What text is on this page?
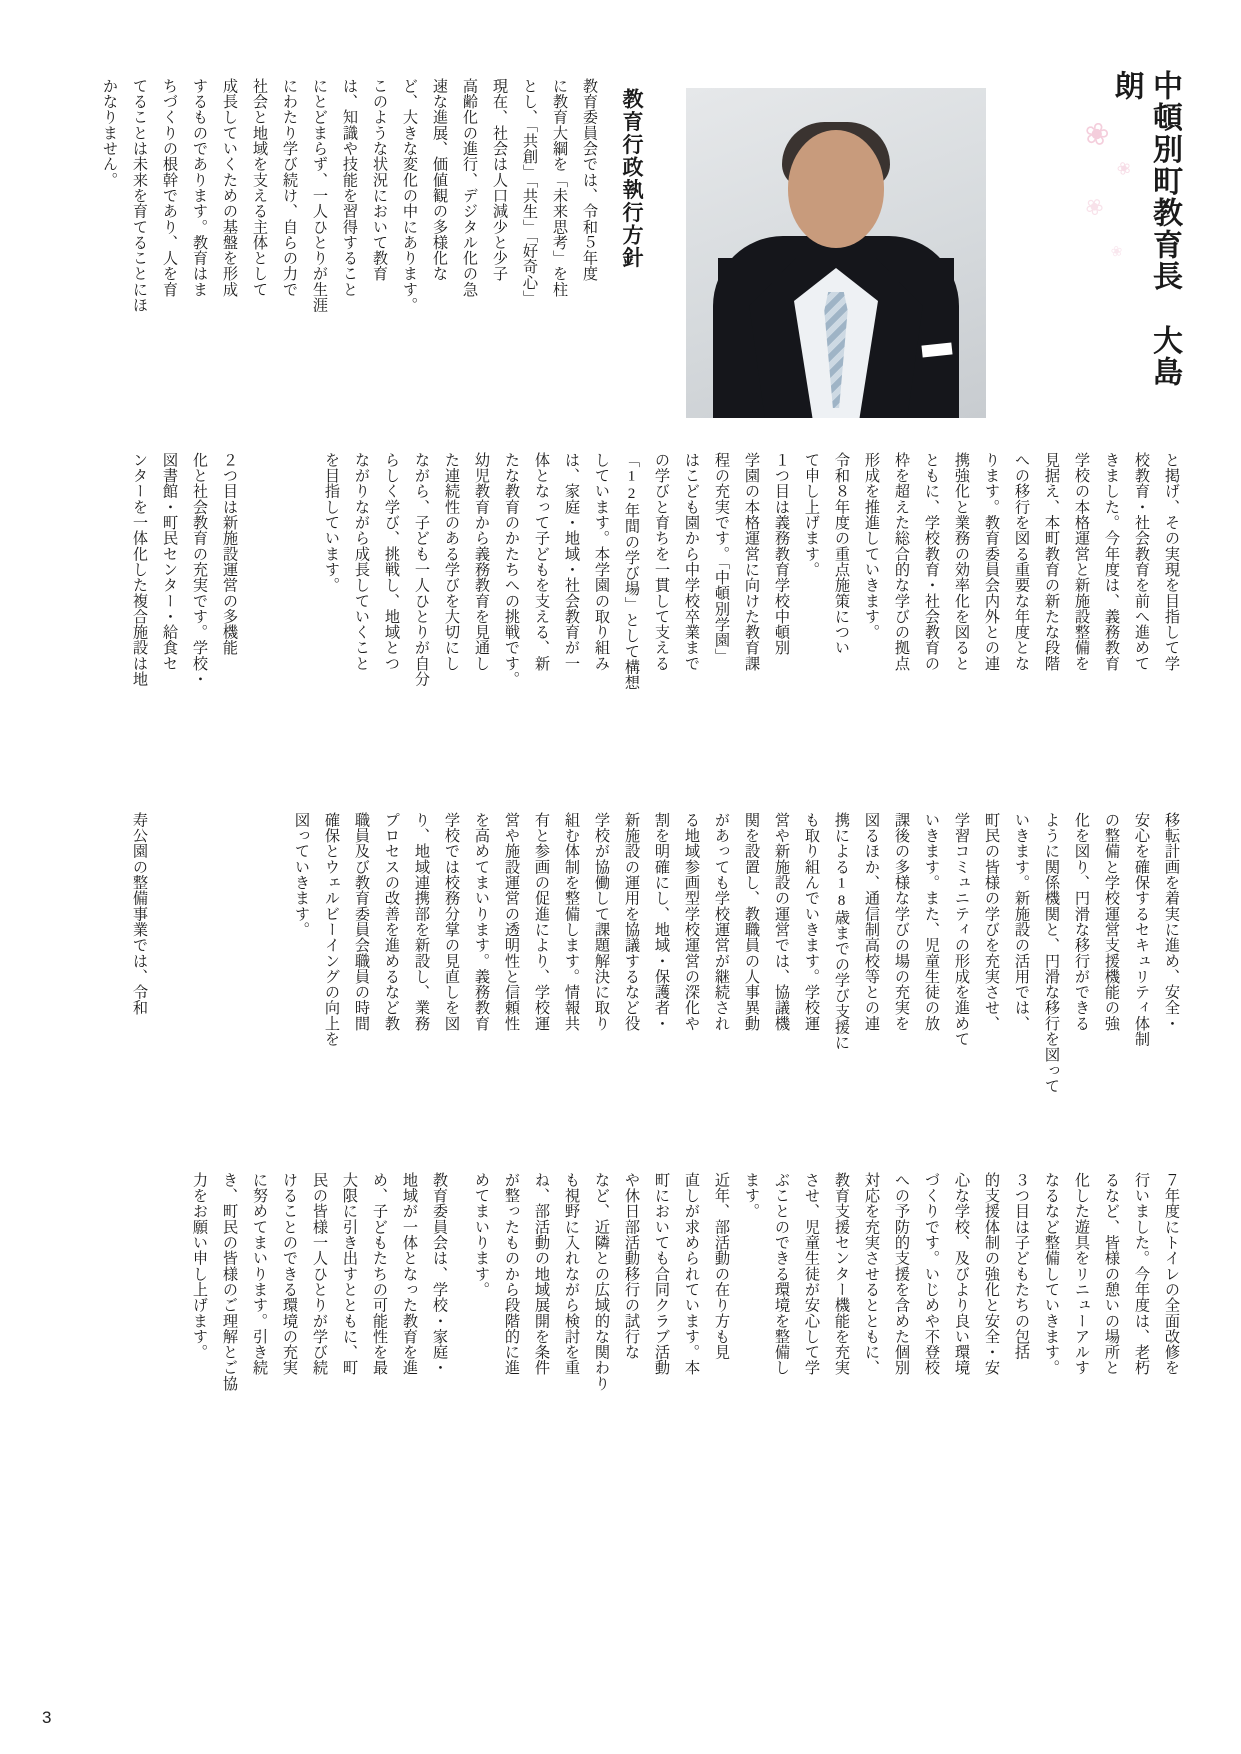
中頓別町教育長　大島　朗
❀
❀
❀
❀
教育行政執行方針
教育委員会では、令和５年度
に教育大綱を「未来思考」を柱
とし、「共創」「共生」「好奇心」
現在、社会は人口減少と少子
高齢化の進行、デジタル化の急
速な進展、価値観の多様化な
ど、大きな変化の中にあります。
このような状況において教育
は、知識や技能を習得すること
にとどまらず、一人ひとりが生涯
にわたり学び続け、自らの力で
社会と地域を支える主体として
成長していくための基盤を形成
するものであります。教育はま
ちづくりの根幹であり、人を育
てることは未来を育てることにほ
かなりません。
と掲げ、その実現を目指して学
校教育・社会教育を前へ進めて
きました。今年度は、義務教育
学校の本格運営と新施設整備を
見据え、本町教育の新たな段階
への移行を図る重要な年度とな
ります。教育委員会内外との連
携強化と業務の効率化を図ると
ともに、学校教育・社会教育の
枠を超えた総合的な学びの拠点
形成を推進していきます。
令和８年度の重点施策につい
て申し上げます。
１つ目は義務教育学校中頓別
学園の本格運営に向けた教育課
程の充実です。「中頓別学園」
はこども園から中学校卒業まで
の学びと育ちを一貫して支える
「12年間の学び場」として構想
しています。本学園の取り組み
は、家庭・地域・社会教育が一
体となって子どもを支える、新
たな教育のかたちへの挑戦です。
幼児教育から義務教育を見通し
た連続性のある学びを大切にし
ながら、子ども一人ひとりが自分
らしく学び、挑戦し、地域とつ
ながりながら成長していくこと
を目指しています。
２つ目は新施設運営の多機能
化と社会教育の充実です。学校・
図書館・町民センター・給食セ
ンターを一体化した複合施設は地
移転計画を着実に進め、安全・
安心を確保するセキュリティ体制
の整備と学校運営支援機能の強
化を図り、円滑な移行ができる
ように関係機関と、円滑な移行を図って
いきます。新施設の活用では、
町民の皆様の学びを充実させ、
学習コミュニティの形成を進めて
いきます。また、児童生徒の放
課後の多様な学びの場の充実を
図るほか、通信制高校等との連
携による18歳までの学び支援に
も取り組んでいきます。学校運
営や新施設の運営では、協議機
関を設置し、教職員の人事異動
があっても学校運営が継続され
る地域参画型学校運営の深化や
割を明確にし、地域・保護者・
新施設の運用を協議するなど役
学校が協働して課題解決に取り
組む体制を整備します。情報共
有と参画の促進により、学校運
営や施設運営の透明性と信頼性
を高めてまいります。義務教育
学校では校務分掌の見直しを図
り、地域連携部を新設し、業務
プロセスの改善を進めるなど教
職員及び教育委員会職員の時間
確保とウェルビーイングの向上を
図っていきます。
寿公園の整備事業では、令和
７年度にトイレの全面改修を
行いました。今年度は、老朽
るなど、皆様の憩いの場所と
化した遊具をリニューアルす
なるなど整備していきます。
３つ目は子どもたちの包括
的支援体制の強化と安全・安
心な学校、及びより良い環境
づくりです。いじめや不登校
への予防的支援を含めた個別
対応を充実させるとともに、
教育支援センター機能を充実
させ、児童生徒が安心して学
ぶことのできる環境を整備し
ます。
近年、部活動の在り方も見
直しが求められています。本
町においても合同クラブ活動
や休日部活動移行の試行な
など、近隣との広域的な関わり
も視野に入れながら検討を重
ね、部活動の地域展開を条件
が整ったものから段階的に進
めてまいります。
教育委員会は、学校・家庭・
地域が一体となった教育を進
め、子どもたちの可能性を最
大限に引き出すとともに、町
民の皆様一人ひとりが学び続
けることのできる環境の充実
に努めてまいります。引き続
き、町民の皆様のご理解とご協
力をお願い申し上げます。
3
